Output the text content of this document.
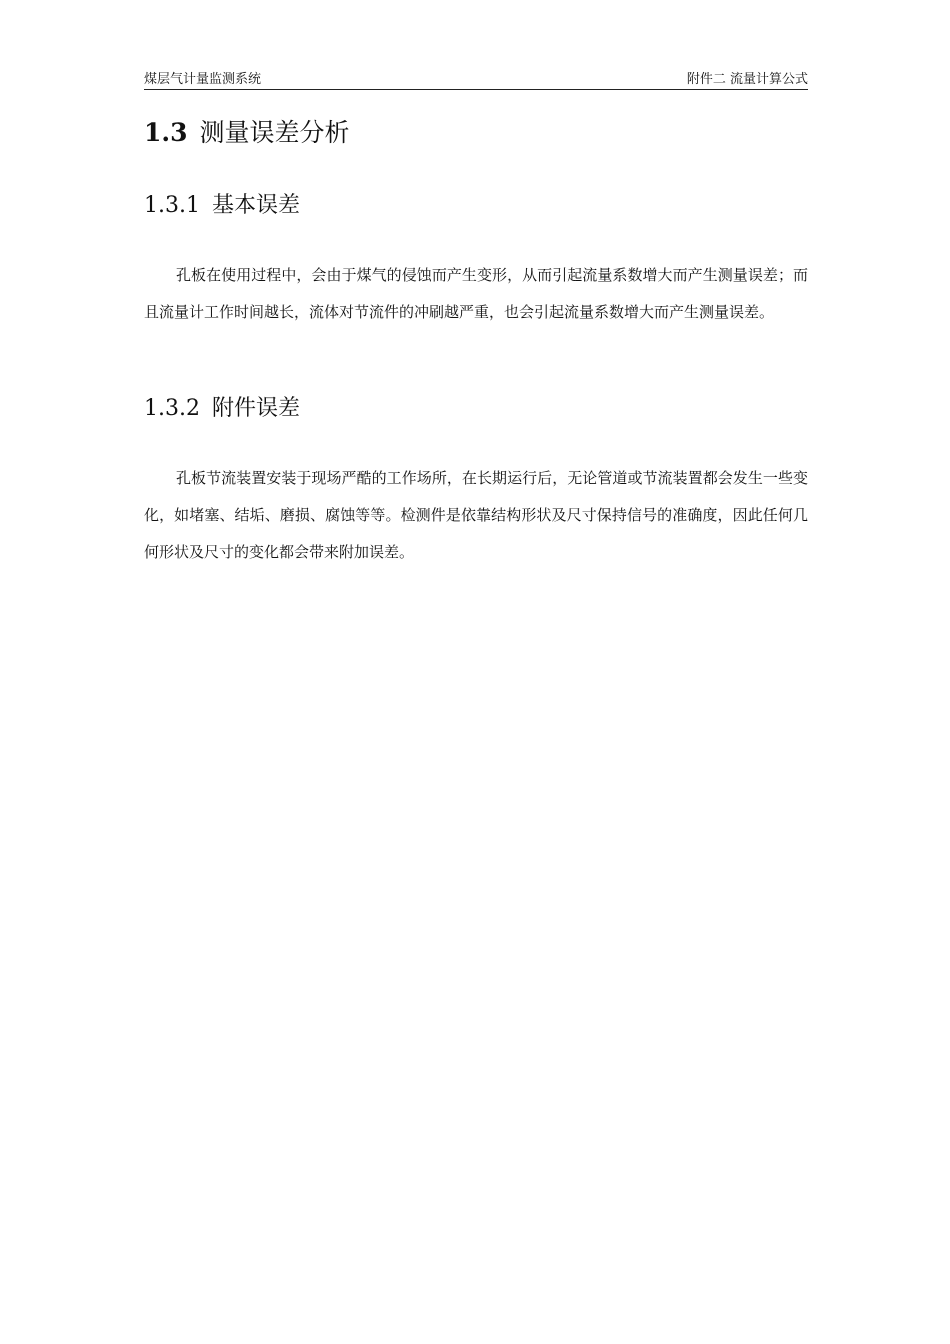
煤层气计量监测系统	附件二 流量计算公式
1.3 测量误差分析
1.3.1 基本误差

孔板在使用过程中，会由于煤气的侵蚀而产生变形，从而引起流量系数增大而产生测量误差；而且流量计工作时间越长，流体对节流件的冲刷越严重，也会引起流量系数增大而产生测量误差。

1.3.2 附件误差

孔板节流装置安装于现场严酷的工作场所，在长期运行后，无论管道或节流装置都会发生一些变化，如堵塞、结垢、磨损、腐蚀等等。检测件是依靠结构形状及尺寸保持信号的准确度，因此任何几何形状及尺寸的变化都会带来附加误差。
